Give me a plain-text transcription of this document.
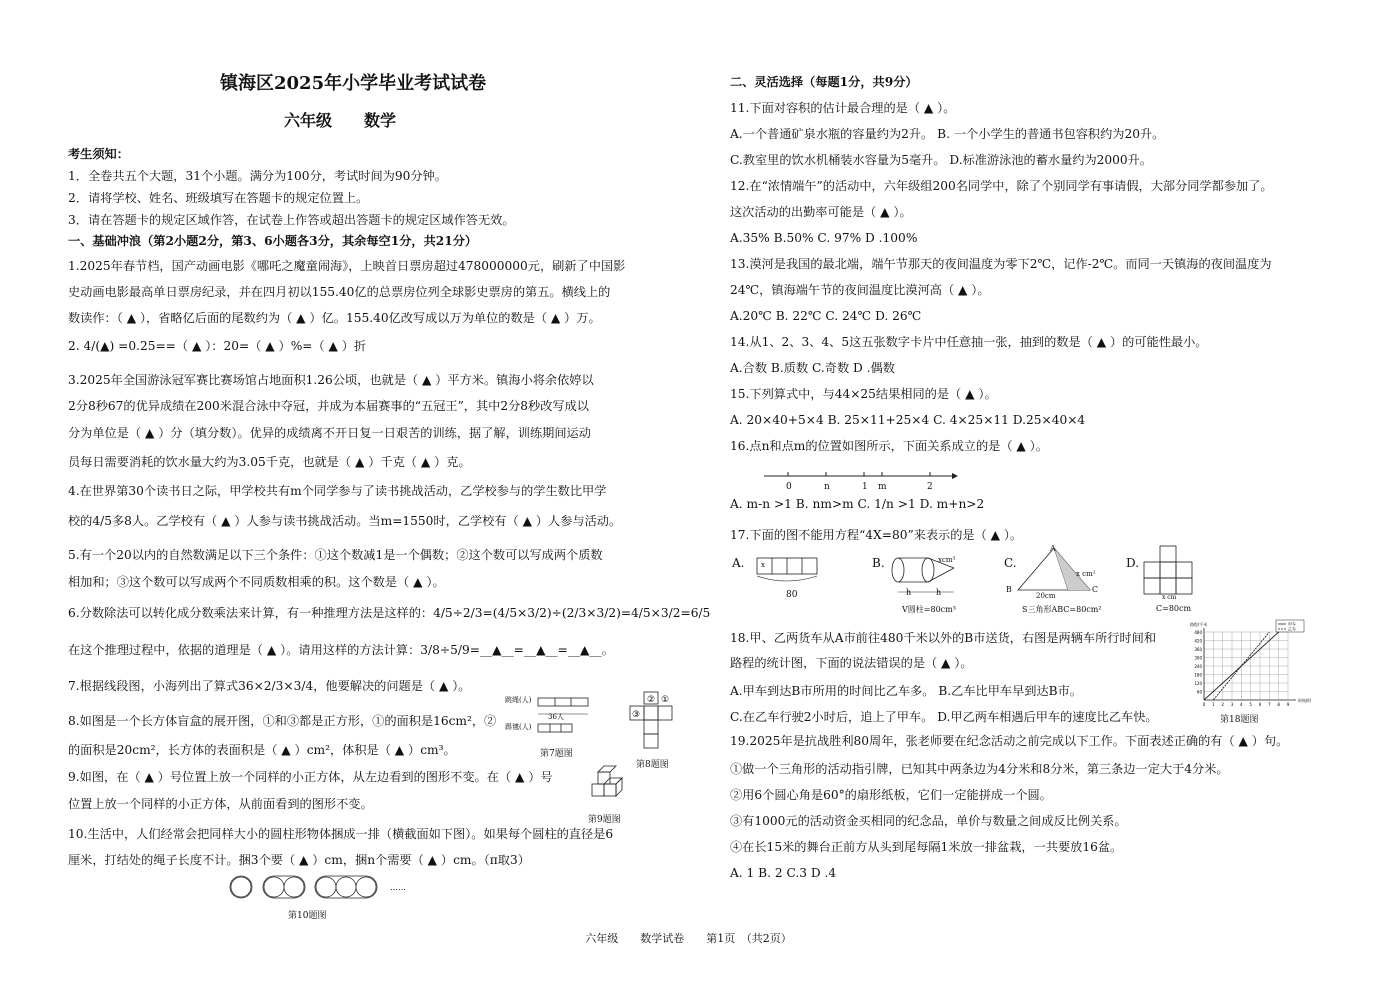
镇海区2025年小学毕业考试试卷
六年级　　数学
考生须知：
1．全卷共五个大题，31个小题。满分为100分，考试时间为90分钟。
2．请将学校、姓名、班级填写在答题卡的规定位置上。
3．请在答题卡的规定区域作答，在试卷上作答或超出答题卡的规定区域作答无效。
一、基础冲浪（第2小题2分，第3、6小题各3分，其余每空1分，共21分）
1.2025年春节档，国产动画电影《哪吒之魔童闹海》，上映首日票房超过478000000元，刷新了中国影
史动画电影最高单日票房纪录，并在四月初以155.40亿的总票房位列全球影史票房的第五。横线上的
数读作：（ ▲ ），省略亿后面的尾数约为（ ▲ ）亿。155.40亿改写成以万为单位的数是（ ▲ ）万。
2. 4/(▲) =0.25==（ ▲ ）：20=（ ▲ ）%=（ ▲ ）折
3.2025年全国游泳冠军赛比赛场馆占地面积1.26公顷，也就是（ ▲ ）平方米。镇海小将余依婷以
2分8秒67的优异成绩在200米混合泳中夺冠，并成为本届赛事的“五冠王”，其中2分8秒改写成以
分为单位是（ ▲ ）分（填分数）。优异的成绩离不开日复一日艰苦的训练，据了解，训练期间运动
员每日需要消耗的饮水量大约为3.05千克，也就是（ ▲ ）千克（ ▲ ）克。
4.在世界第30个读书日之际，甲学校共有m个同学参与了读书挑战活动，乙学校参与的学生数比甲学
校的4/5多8人。乙学校有（ ▲ ）人参与读书挑战活动。当m=1550时，乙学校有（ ▲ ）人参与活动。
5.有一个20以内的自然数满足以下三个条件：①这个数减1是一个偶数；②这个数可以写成两个质数
相加和；③这个数可以写成两个不同质数相乘的积。这个数是（ ▲ ）。
6.分数除法可以转化成分数乘法来计算，有一种推理方法是这样的：4/5÷2/3=(4/5×3/2)÷(2/3×3/2)=4/5×3/2=6/5
在这个推理过程中，依据的道理是（ ▲ ）。请用这样的方法计算：3/8÷5/9=__▲__=__▲__=__▲__。
7.根据线段图，小海列出了算式36×2/3×3/4，他要解决的问题是（ ▲ ）。
8.如图是一个长方体盲盒的展开图，①和③都是正方形，①的面积是16cm²，②
的面积是20cm²，长方体的表面积是（ ▲ ）cm²，体积是（ ▲ ）cm³。
9.如图，在（ ▲ ）号位置上放一个同样的小正方体，从左边看到的图形不变。在（ ▲ ）号
位置上放一个同样的小正方体，从前面看到的图形不变。
10.生活中，人们经常会把同样大小的圆柱形物体捆成一排（横截面如下图）。如果每个圆柱的直径是6
厘米，打结处的绳子长度不计。捆3个要（ ▲ ）cm，捆n个需要（ ▲ ）cm。（π取3）
跳绳(人)
踢毽(人)
36人
第7题图
②
③
①
第8题图
第9题图
……
第10题图
二、灵活选择（每题1分，共9分）
11.下面对容积的估计最合理的是（ ▲ ）。
A.一个普通矿泉水瓶的容量约为2升。 B. 一个小学生的普通书包容积约为20升。
C.教室里的饮水机桶装水容量为5毫升。 D.标准游泳池的蓄水量约为2000升。
12.在“浓情端午”的活动中，六年级组200名同学中，除了个别同学有事请假，大部分同学都参加了。
这次活动的出勤率可能是（ ▲ ）。
A.35% B.50% C. 97% D .100%
13.漠河是我国的最北端，端午节那天的夜间温度为零下2℃，记作-2℃。而同一天镇海的夜间温度为
24℃，镇海端午节的夜间温度比漠河高（ ▲ ）。
A.20℃ B. 22℃ C. 24℃ D. 26℃
14.从1、2、3、4、5这五张数字卡片中任意抽一张，抽到的数是（ ▲ ）的可能性最小。
A.合数 B.质数 C.奇数 D .偶数
15.下列算式中，与44×25结果相同的是（ ▲ ）。
A. 20×40+5×4 B. 25×11+25×4 C. 4×25×11 D.25×40×4
16.点n和点m的位置如图所示，下面关系成立的是（ ▲ ）。
A. m-n >1 B. nm>m C. 1/n >1 D. m+n>2
17.下面的图不能用方程“4X=80”来表示的是（ ▲ ）。
18.甲、乙两货车从A市前往480千米以外的B市送货，右图是两辆车所行时间和
路程的统计图，下面的说法错误的是（ ▲ ）。
A.甲车到达B市所用的时间比乙车多。 B.乙车比甲车早到达B市。
C.在乙车行驶2小时后，追上了甲车。 D.甲乙两车相遇后甲车的速度比乙车快。
19.2025年是抗战胜利80周年，张老师要在纪念活动之前完成以下工作。下面表述正确的有（ ▲ ）句。
①做一个三角形的活动指引牌，已知其中两条边为4分米和8分米，第三条边一定大于4分米。
②用6个圆心角是60°的扇形纸板，它们一定能拼成一个圆。
③有1000元的活动资金买相同的纪念品，单价与数量之间成反比例关系。
④在长15米的舞台正前方从头到尾每隔1米放一排盆栽，一共要放16盆。
A. 1 B. 2 C.3 D .4
0	n	1 m	2
A. x
80
B.	xcm³
h	h
V圆柱=80cm³
C.
A
B	C
x cm²
20cm
S三角形ABC=80cm²
D.
x cm
C=80cm
480
420
360
300
240
180
120
60
0 1 2 3 4 5 6 7 8 9
路程/千米
时间/时
甲车
乙车
第18题图
六年级　　数学试卷　　第1页　（共2页）
